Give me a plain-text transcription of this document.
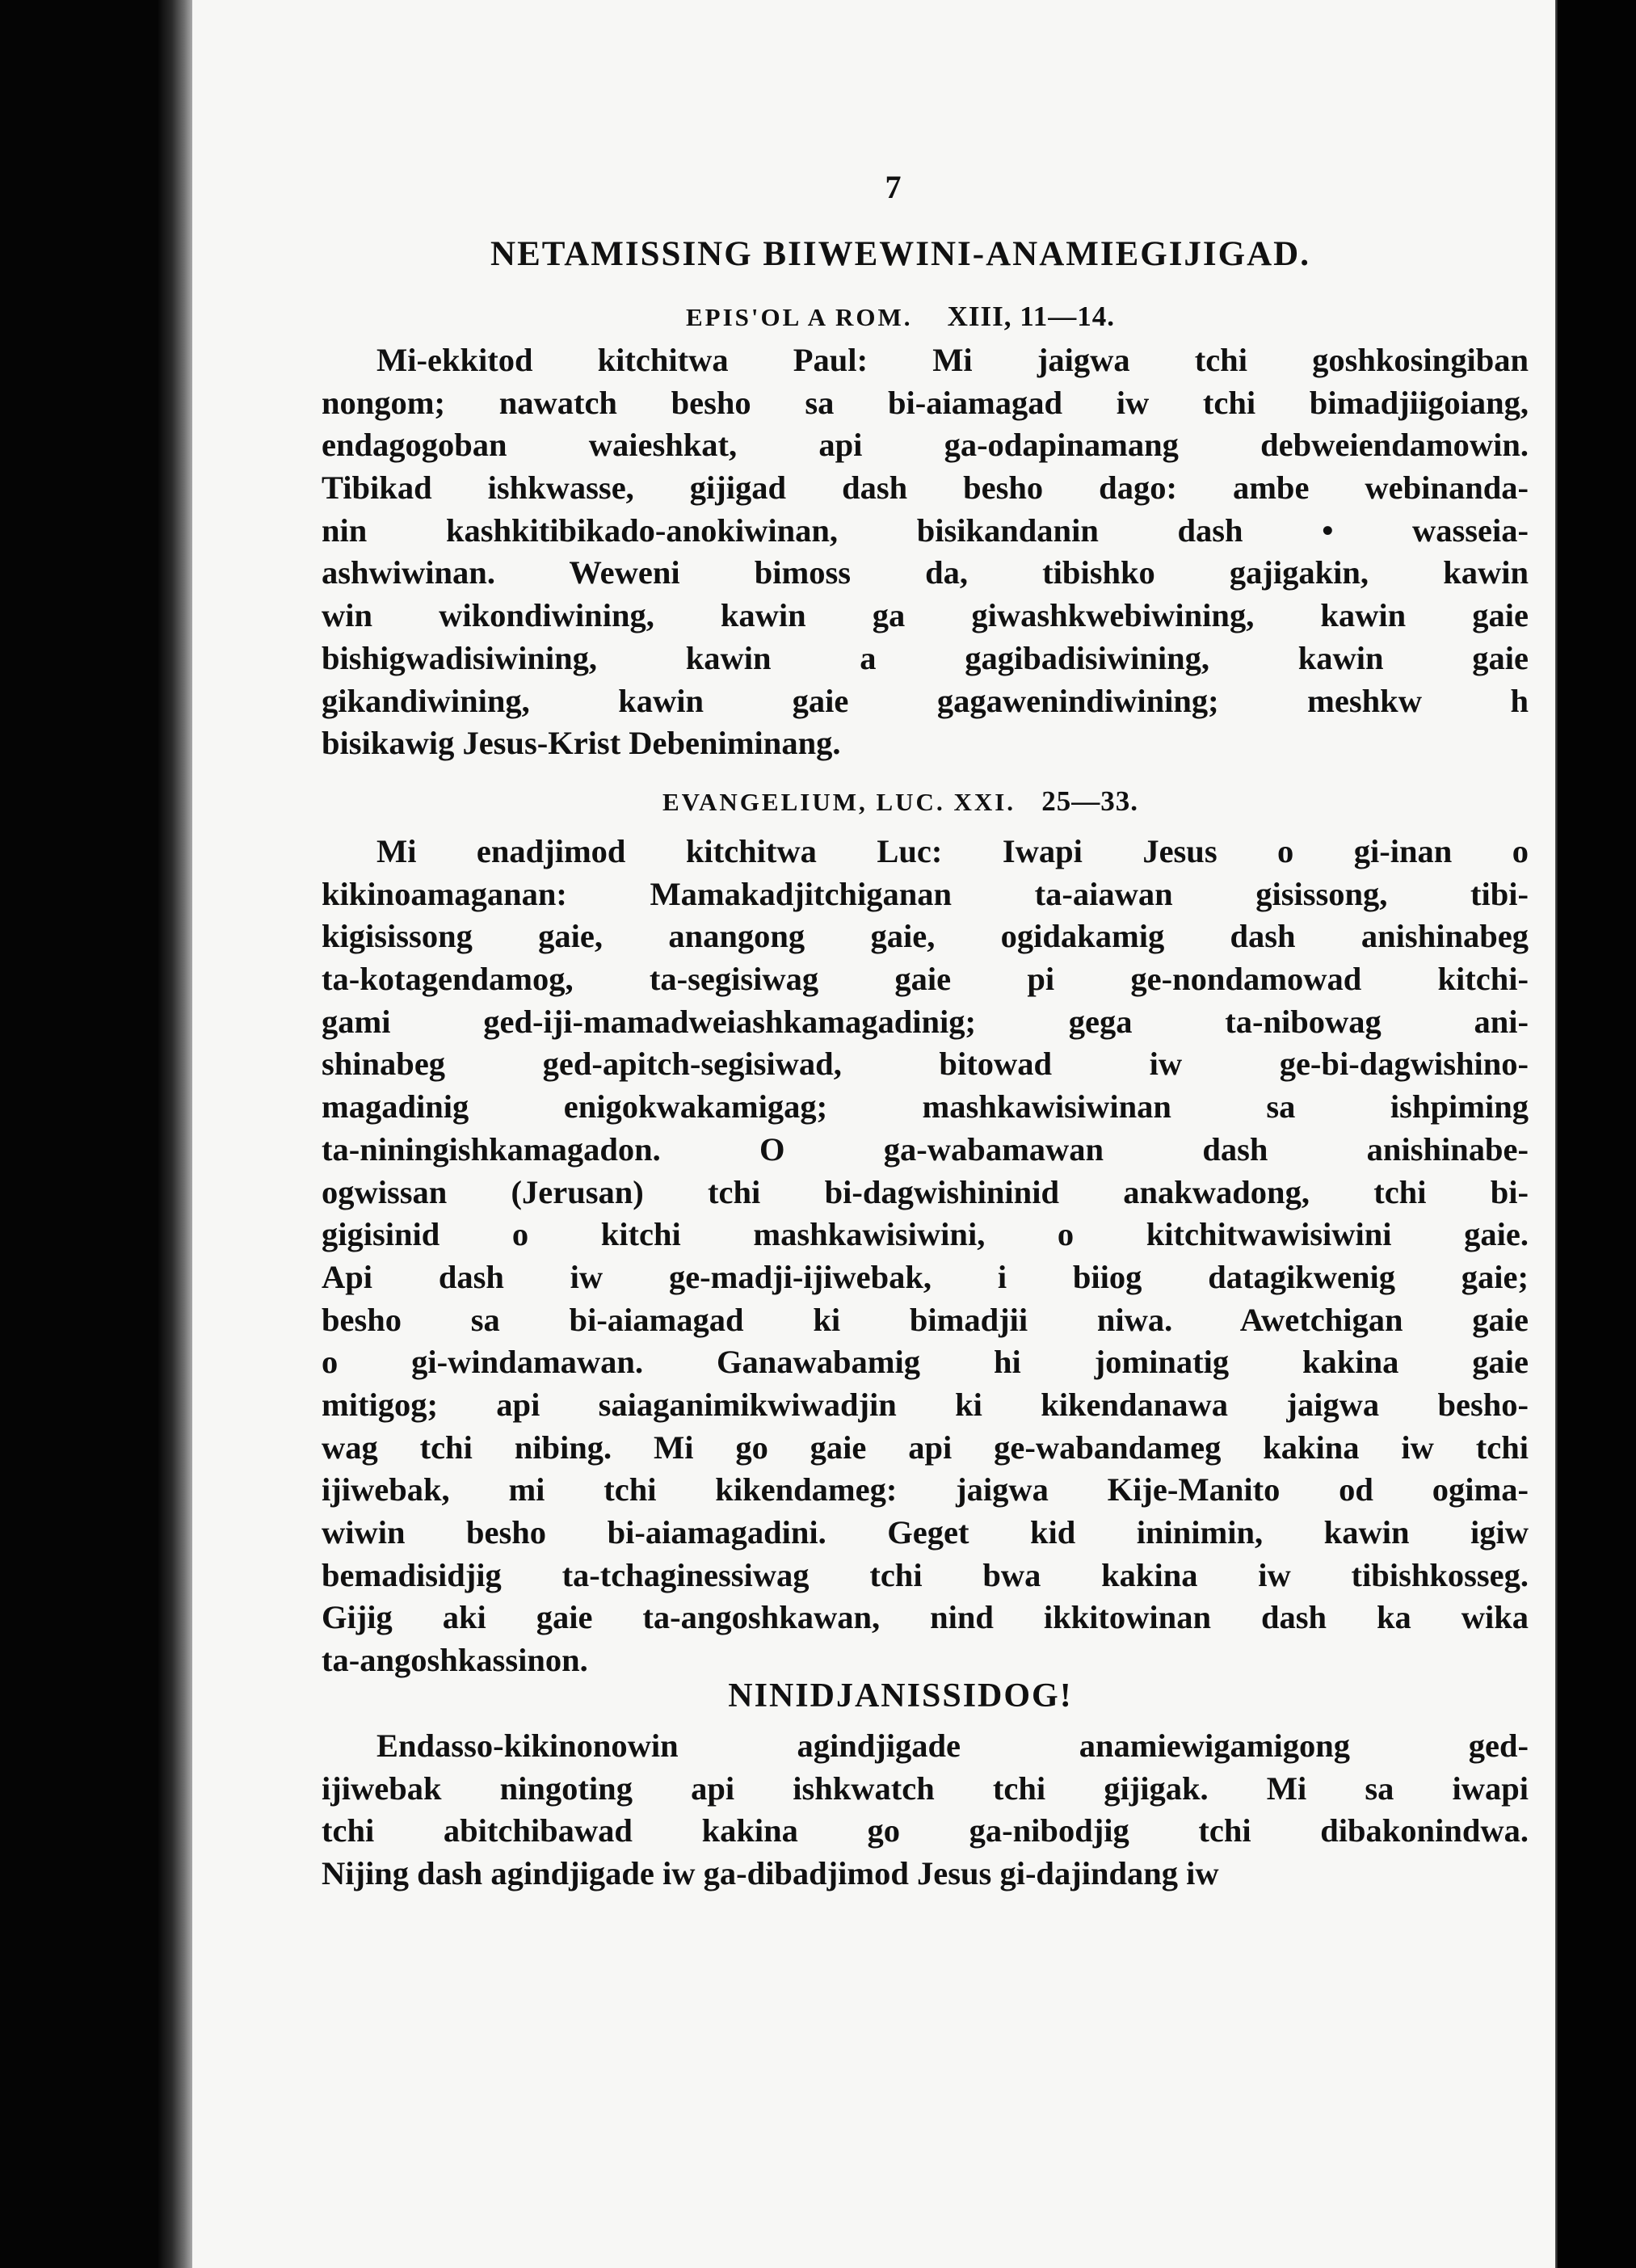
7
NETAMISSING BIIWEWINI-ANAMIEGIJIGAD.
EPIS'OL A ROM. XIII, 11—14.
Mi-ekkitod kitchitwa Paul: Mi jaigwa tchi goshkosingiban
nongom; nawatch besho sa bi-aiamagad iw tchi bimadjiigoiang,
endagogoban waieshkat, api ga-odapinamang debweiendamowin.
Tibikad ishkwasse, gijigad dash besho dago: ambe webinanda-
nin kashkitibikado-anokiwinan, bisikandanin dash • wasseia-
ashwiwinan. Weweni bimoss da, tibishko gajigakin, kawin
win wikondiwining, kawin ga giwashkwebiwining, kawin gaie
bishigwadisiwining, kawin a gagibadisiwining, kawin gaie
gikandiwining, kawin gaie gagawenindiwining; meshkw h
bisikawig Jesus-Krist Debeniminang.
EVANGELIUM, LUC. XXI. 25—33.
Mi enadjimod kitchitwa Luc: Iwapi Jesus o gi-inan o
kikinoamaganan: Mamakadjitchiganan ta-aiawan gisissong, tibi-
kigisissong gaie, anangong gaie, ogidakamig dash anishinabeg
ta-kotagendamog, ta-segisiwag gaie pi ge-nondamowad kitchi-
gami ged-iji-mamadweiashkamagadinig; gega ta-nibowag ani-
shinabeg ged-apitch-segisiwad, bitowad iw ge-bi-dagwishino-
magadinig enigokwakamigag; mashkawisiwinan sa ishpiming
ta-niningishkamagadon. O ga-wabamawan dash anishinabe-
ogwissan (Jerusan) tchi bi-dagwishininid anakwadong, tchi bi-
gigisinid o kitchi mashkawisiwini, o kitchitwawisiwini gaie.
Api dash iw ge-madji-ijiwebak, i biiog datagikwenig gaie;
besho sa bi-aiamagad ki bimadjii niwa. Awetchigan gaie
o gi-windamawan. Ganawabamig hi jominatig kakina gaie
mitigog; api saiaganimikwiwadjin ki kikendanawa jaigwa besho-
wag tchi nibing. Mi go gaie api ge-wabandameg kakina iw tchi
ijiwebak, mi tchi kikendameg: jaigwa Kije-Manito od ogima-
wiwin besho bi-aiamagadini. Geget kid ininimin, kawin igiw
bemadisidjig ta-tchaginessiwag tchi bwa kakina iw tibishkosseg.
Gijig aki gaie ta-angoshkawan, nind ikkitowinan dash ka wika
ta-angoshkassinon.
NINIDJANISSIDOG!
Endasso-kikinonowin agindjigade anamiewigamigong ged-
ijiwebak ningoting api ishkwatch tchi gijigak. Mi sa iwapi
tchi abitchibawad kakina go ga-nibodjig tchi dibakonindwa.
Nijing dash agindjigade iw ga-dibadjimod Jesus gi-dajindang iw
